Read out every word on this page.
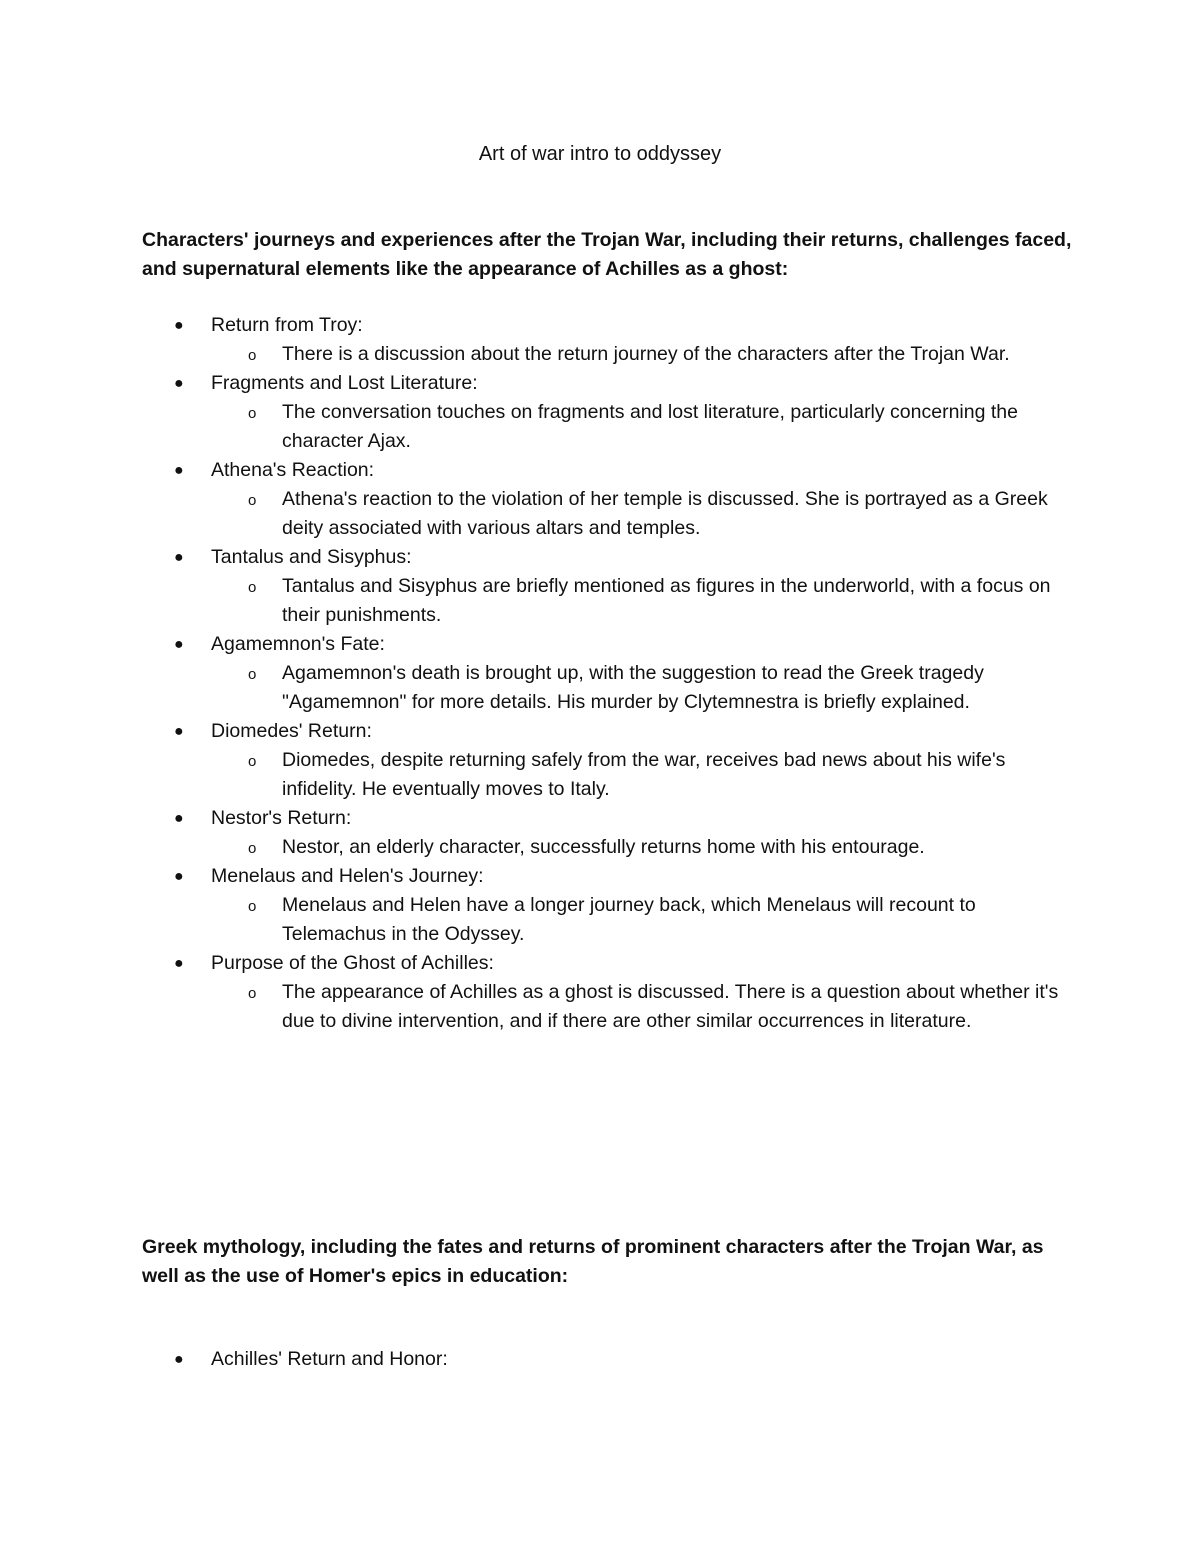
Art of war intro to oddyssey
Characters' journeys and experiences after the Trojan War, including their returns, challenges faced, and supernatural elements like the appearance of Achilles as a ghost:
●	Return from Troy:
o	There is a discussion about the return journey of the characters after the Trojan War.
●	Fragments and Lost Literature:
o	The conversation touches on fragments and lost literature, particularly concerning the character Ajax.
●	Athena's Reaction:
o	Athena's reaction to the violation of her temple is discussed. She is portrayed as a Greek deity associated with various altars and temples.
●	Tantalus and Sisyphus:
o	Tantalus and Sisyphus are briefly mentioned as figures in the underworld, with a focus on their punishments.
●	Agamemnon's Fate:
o	Agamemnon's death is brought up, with the suggestion to read the Greek tragedy "Agamemnon" for more details. His murder by Clytemnestra is briefly explained.
●	Diomedes' Return:
o	Diomedes, despite returning safely from the war, receives bad news about his wife's infidelity. He eventually moves to Italy.
●	Nestor's Return:
o	Nestor, an elderly character, successfully returns home with his entourage.
●	Menelaus and Helen's Journey:
o	Menelaus and Helen have a longer journey back, which Menelaus will recount to Telemachus in the Odyssey.
●	Purpose of the Ghost of Achilles:
o	The appearance of Achilles as a ghost is discussed. There is a question about whether it's due to divine intervention, and if there are other similar occurrences in literature.
Greek mythology, including the fates and returns of prominent characters after the Trojan War, as well as the use of Homer's epics in education:
●	Achilles' Return and Honor:
